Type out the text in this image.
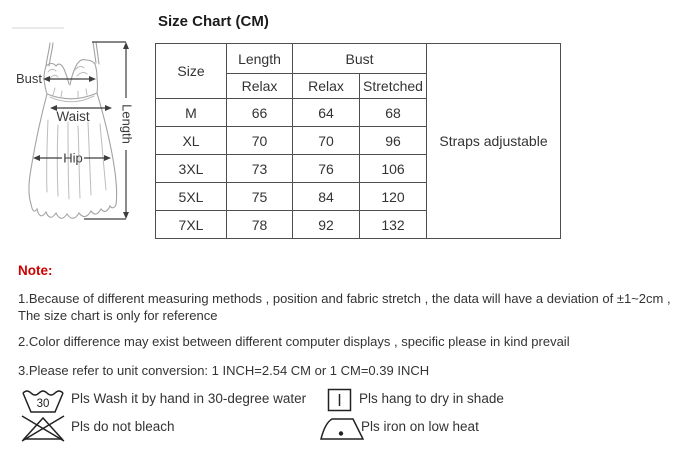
Bust
Waist
Hip
Length
Size Chart (CM)
Size	Length	Bust		Straps adjustable
	Relax	Relax	Stretched	
M	66	64	68	
XL	70	70	96	
3XL	73	76	106	
5XL	75	84	120	
7XL	78	92	132	
Note:

1.Because of different measuring methods , position and fabric stretch , the data will have a deviation of ±1~2cm ,
The size chart is only for reference

2.Color difference may exist between different computer displays , specific please in kind prevail

3.Please refer to unit conversion: 1 INCH=2.54 CM or 1 CM=0.39 INCH

30 Pls Wash it by hand in 30-degree water	Pls hang to dry in shade
Pls do not bleach	Pls iron on low heat
